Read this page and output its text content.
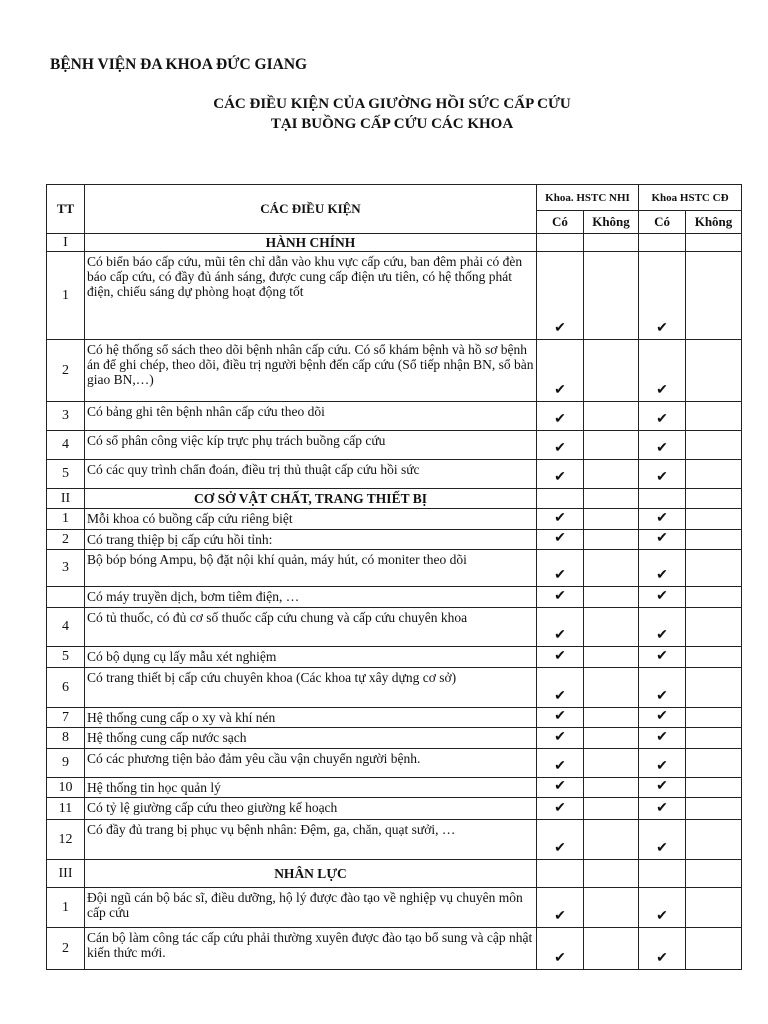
BỆNH VIỆN ĐA KHOA ĐỨC GIANG
CÁC ĐIỀU KIỆN CỦA GIƯỜNG HỒI SỨC CẤP CỨU
TẠI BUỒNG CẤP CỨU CÁC KHOA
TT	CÁC ĐIỀU KIỆN	Khoa. HSTC NHI		Khoa HSTC CĐ	
		Có	Không	Có	Không
I	HÀNH CHÍNH				
1	Có biển báo cấp cứu, mũi tên chỉ dẫn vào khu vực cấp cứu, ban đêm phải có đèn báo cấp cứu, có đầy đủ ánh sáng, được cung cấp điện ưu tiên, có hệ thống phát điện, chiếu sáng dự phòng hoạt động tốt	✔		✔	
2	Có hệ thống sổ sách theo dõi bệnh nhân cấp cứu. Có sổ khám bệnh và hồ sơ bệnh án để ghi chép, theo dõi, điều trị người bệnh đến cấp cứu (Sổ tiếp nhận BN, sổ bàn giao BN,…)	✔		✔	
3	Có bảng ghi tên bệnh nhân cấp cứu theo dõi	✔		✔	
4	Có sổ phân công việc kíp trực phụ trách buồng cấp cứu	✔		✔	
5	Có các quy trình chẩn đoán, điều trị thủ thuật cấp cứu hồi sức	✔		✔	
II	CƠ SỞ VẬT CHẤT, TRANG THIẾT BỊ				
1	Mỗi khoa có buồng cấp cứu riêng biệt	✔		✔	
2	Có trang thiệp bị cấp cứu hồi tỉnh:	✔		✔	
3	Bộ bóp bóng Ampu, bộ đặt nội khí quản, máy hút, có moniter theo dõi	✔		✔	
	Có máy truyền dịch, bơm tiêm điện, …	✔		✔	
4	Có tủ thuốc, có đủ cơ số thuốc cấp cứu chung và cấp cứu chuyên khoa	✔		✔	
5	Có bộ dụng cụ lấy mẫu xét nghiệm	✔		✔	
6	Có trang thiết bị cấp cứu chuyên khoa (Các khoa tự xây dựng cơ sở)	✔		✔	
7	Hệ thống cung cấp o xy và khí nén	✔		✔	
8	Hệ thống cung cấp nước sạch	✔		✔	
9	Có các phương tiện bảo đảm yêu cầu vận chuyển người bệnh.	✔		✔	
10	Hệ thống tin học quản lý	✔		✔	
11	Có tỷ lệ giường cấp cứu theo giường kế hoạch	✔		✔	
12	Có đầy đủ trang bị phục vụ bệnh nhân: Đệm, ga, chăn, quạt sưởi, …	✔		✔	
III	NHÂN LỰC				
1	Đội ngũ cán bộ bác sĩ, điều dưỡng, hộ lý được đào tạo về nghiệp vụ chuyên môn cấp cứu	✔		✔	
2	Cán bộ làm công tác cấp cứu phải thường xuyên được đào tạo bổ sung và cập nhật kiến thức mới.	✔		✔	
